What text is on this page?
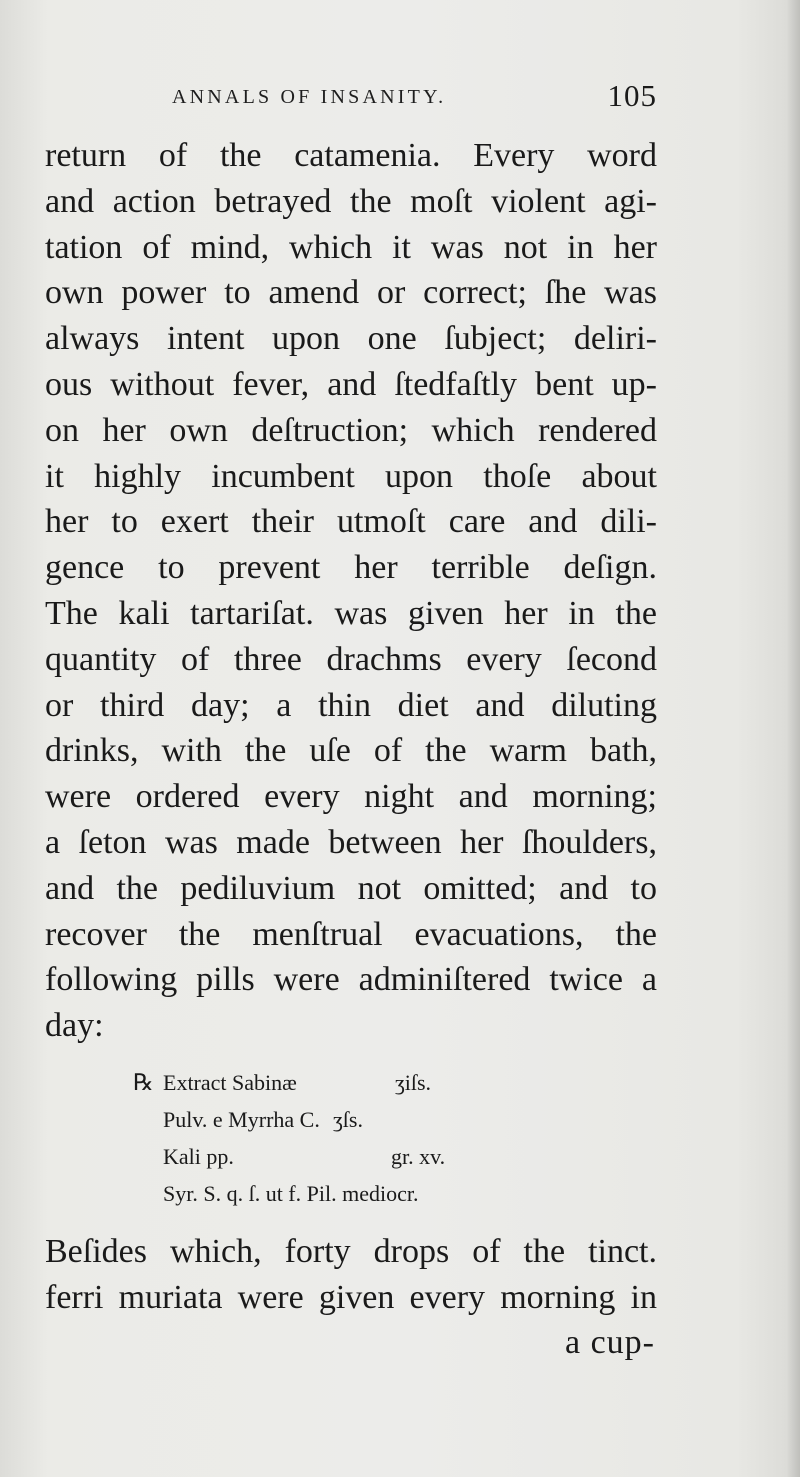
ANNALS OF INSANITY.	105
return of the catamenia. Every word
and action betrayed the moſt violent agi-
tation of mind, which it was not in her
own power to amend or correct; ſhe was
always intent upon one ſubject; deliri-
ous without fever, and ſtedfaſtly bent up-
on her own deſtruction; which rendered
it highly incumbent upon thoſe about
her to exert their utmoſt care and dili-
gence to prevent her terrible deſign.
The kali tartariſat. was given her in the
quantity of three drachms every ſecond
or third day; a thin diet and diluting
drinks, with the uſe of the warm bath,
were ordered every night and morning;
a ſeton was made between her ſhoulders,
and the pediluvium not omitted; and to
recover the menſtrual evacuations, the
following pills were adminiſtered twice a
day:
℞ Extract Sabinæ	ʒiſs.
Pulv. e Myrrha C. ʒſs.
Kali pp.	gr. xv.
Syr. S. q. ſ. ut f. Pil. mediocr.
Beſides which, forty drops of the tinct.
ferri muriata were given every morning in
a cup-
